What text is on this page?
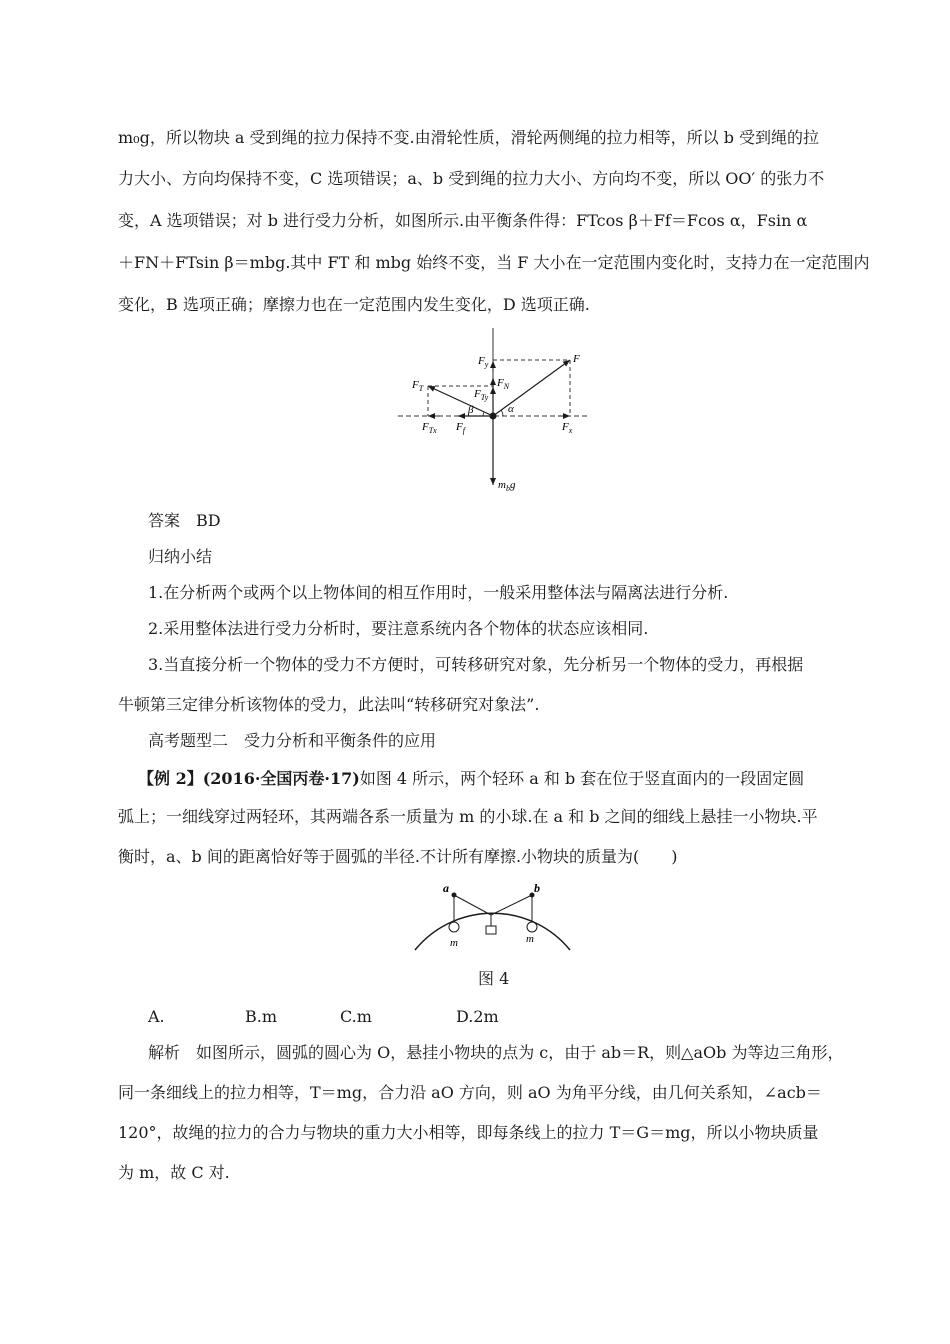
m₀g，所以物块 a 受到绳的拉力保持不变.由滑轮性质，滑轮两侧绳的拉力相等，所以 b 受到绳的拉
力大小、方向均保持不变，C 选项错误；a、b 受到绳的拉力大小、方向均不变，所以 OO′ 的张力不
变，A 选项错误；对 b 进行受力分析，如图所示.由平衡条件得：FTcos β＋Ff＝Fcos α，Fsin α
＋FN＋FTsin β＝mbg.其中 FT 和 mbg 始终不变，当 F 大小在一定范围内变化时，支持力在一定范围内
变化，B 选项正确；摩擦力也在一定范围内发生变化，D 选项正确.
$F_y$	F
$F_N$
$F_T$	$F_{Ty}$
β	α
$F_{Tx}$ $F_f$	$F_x$
$m_bg$
答案　BD
归纳小结
1.在分析两个或两个以上物体间的相互作用时，一般采用整体法与隔离法进行分析.
2.采用整体法进行受力分析时，要注意系统内各个物体的状态应该相同.
3.当直接分析一个物体的受力不方便时，可转移研究对象，先分析另一个物体的受力，再根据
牛顿第三定律分析该物体的受力，此法叫“转移研究对象法”.
高考题型二　受力分析和平衡条件的应用
【例 2】(2016·全国丙卷·17)如图 4 所示，两个轻环 a 和 b 套在位于竖直面内的一段固定圆
弧上；一细线穿过两轻环，其两端各系一质量为 m 的小球.在 a 和 b 之间的细线上悬挂一小物块.平
衡时，a、b 间的距离恰好等于圆弧的半径.不计所有摩擦.小物块的质量为(　　)
a	b
m	m
图 4
A.	B.m	C.m	D.2m
解析　如图所示，圆弧的圆心为 O，悬挂小物块的点为 c，由于 ab＝R，则△aOb 为等边三角形，
同一条细线上的拉力相等，T＝mg，合力沿 aO 方向，则 aO 为角平分线，由几何关系知，∠acb＝
120°，故绳的拉力的合力与物块的重力大小相等，即每条线上的拉力 T＝G＝mg，所以小物块质量
为 m，故 C 对.
